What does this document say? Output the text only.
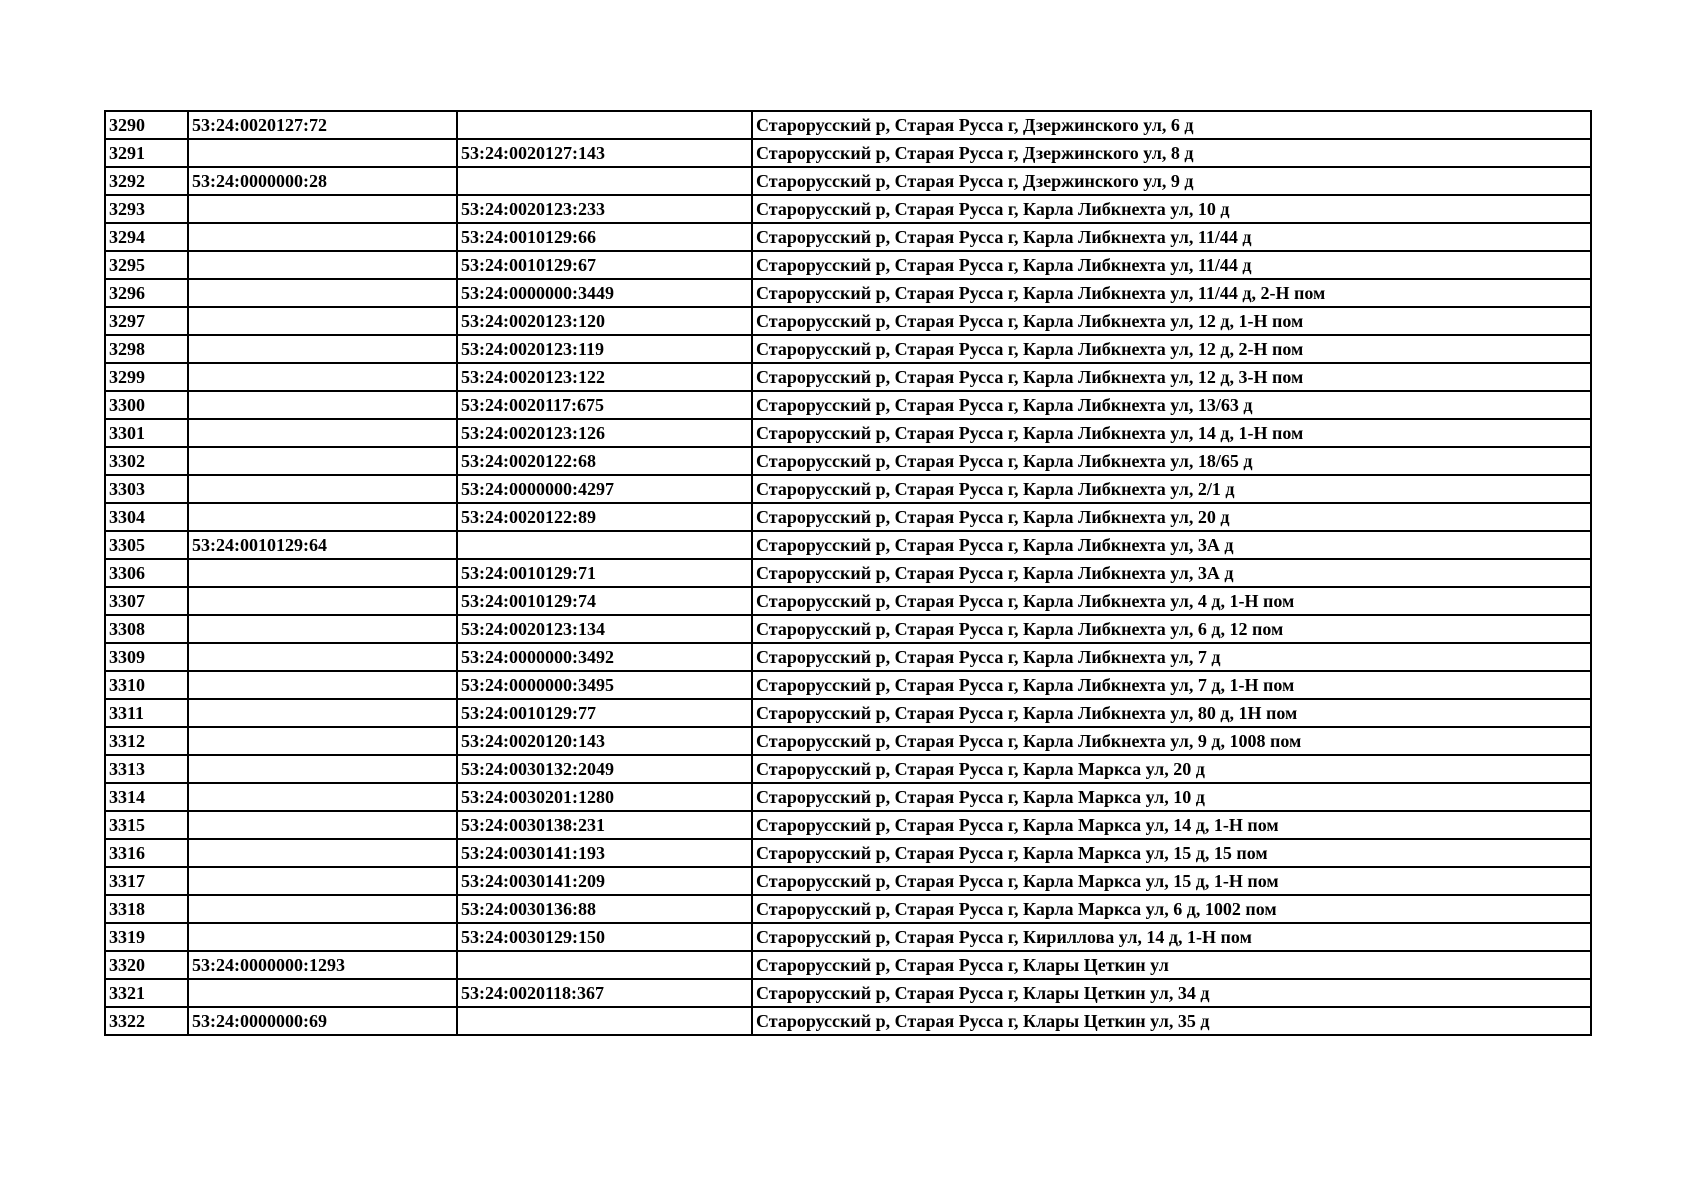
3290	53:24:0020127:72		Старорусский р, Старая Русса г, Дзержинского ул, 6 д
3291		53:24:0020127:143	Старорусский р, Старая Русса г, Дзержинского ул, 8 д
3292	53:24:0000000:28		Старорусский р, Старая Русса г, Дзержинского ул, 9 д
3293		53:24:0020123:233	Старорусский р, Старая Русса г, Карла Либкнехта ул, 10 д
3294		53:24:0010129:66	Старорусский р, Старая Русса г, Карла Либкнехта ул, 11/44 д
3295		53:24:0010129:67	Старорусский р, Старая Русса г, Карла Либкнехта ул, 11/44 д
3296		53:24:0000000:3449	Старорусский р, Старая Русса г, Карла Либкнехта ул, 11/44 д, 2-Н пом
3297		53:24:0020123:120	Старорусский р, Старая Русса г, Карла Либкнехта ул, 12 д, 1-Н пом
3298		53:24:0020123:119	Старорусский р, Старая Русса г, Карла Либкнехта ул, 12 д, 2-Н пом
3299		53:24:0020123:122	Старорусский р, Старая Русса г, Карла Либкнехта ул, 12 д, 3-Н пом
3300		53:24:0020117:675	Старорусский р, Старая Русса г, Карла Либкнехта ул, 13/63 д
3301		53:24:0020123:126	Старорусский р, Старая Русса г, Карла Либкнехта ул, 14 д, 1-Н пом
3302		53:24:0020122:68	Старорусский р, Старая Русса г, Карла Либкнехта ул, 18/65 д
3303		53:24:0000000:4297	Старорусский р, Старая Русса г, Карла Либкнехта ул, 2/1 д
3304		53:24:0020122:89	Старорусский р, Старая Русса г, Карла Либкнехта ул, 20 д
3305	53:24:0010129:64		Старорусский р, Старая Русса г, Карла Либкнехта ул, 3А д
3306		53:24:0010129:71	Старорусский р, Старая Русса г, Карла Либкнехта ул, 3А д
3307		53:24:0010129:74	Старорусский р, Старая Русса г, Карла Либкнехта ул, 4 д, 1-Н пом
3308		53:24:0020123:134	Старорусский р, Старая Русса г, Карла Либкнехта ул, 6 д, 12 пом
3309		53:24:0000000:3492	Старорусский р, Старая Русса г, Карла Либкнехта ул, 7 д
3310		53:24:0000000:3495	Старорусский р, Старая Русса г, Карла Либкнехта ул, 7 д, 1-Н пом
3311		53:24:0010129:77	Старорусский р, Старая Русса г, Карла Либкнехта ул, 80 д, 1Н пом
3312		53:24:0020120:143	Старорусский р, Старая Русса г, Карла Либкнехта ул, 9 д, 1008 пом
3313		53:24:0030132:2049	Старорусский р, Старая Русса г, Карла Маркса ул, 20 д
3314		53:24:0030201:1280	Старорусский р, Старая Русса г, Карла Маркса ул, 10 д
3315		53:24:0030138:231	Старорусский р, Старая Русса г, Карла Маркса ул, 14 д, 1-Н пом
3316		53:24:0030141:193	Старорусский р, Старая Русса г, Карла Маркса ул, 15 д, 15 пом
3317		53:24:0030141:209	Старорусский р, Старая Русса г, Карла Маркса ул, 15 д, 1-Н пом
3318		53:24:0030136:88	Старорусский р, Старая Русса г, Карла Маркса ул, 6 д, 1002 пом
3319		53:24:0030129:150	Старорусский р, Старая Русса г, Кириллова ул, 14 д, 1-Н пом
3320	53:24:0000000:1293		Старорусский р, Старая Русса г, Клары Цеткин ул
3321		53:24:0020118:367	Старорусский р, Старая Русса г, Клары Цеткин ул, 34 д
3322	53:24:0000000:69		Старорусский р, Старая Русса г, Клары Цеткин ул, 35 д
